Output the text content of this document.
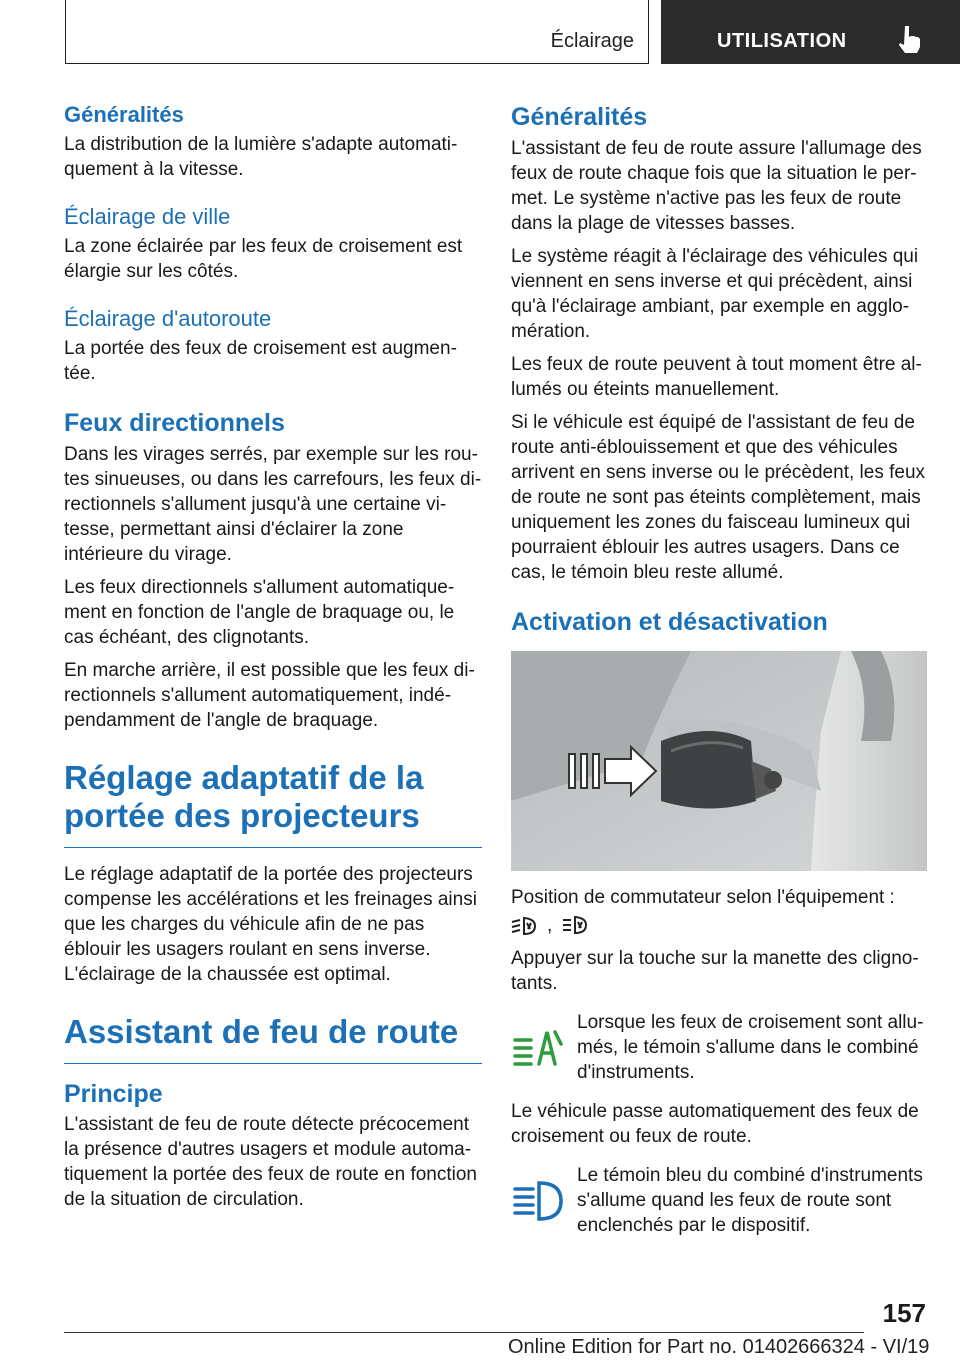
Éclairage	UTILISATION
Généralités

La distribution de la lumière s'adapte automatiquement à la vitesse.

Éclairage de ville

La zone éclairée par les feux de croisement est élargie sur les côtés.

Éclairage d'autoroute

La portée des feux de croisement est augmentée.

Feux directionnels

Dans les virages serrés, par exemple sur les routes sinueuses, ou dans les carrefours, les feux directionnels s'allument jusqu'à une certaine vitesse, permettant ainsi d'éclairer la zone intérieure du virage.

Les feux directionnels s'allument automatiquement en fonction de l'angle de braquage ou, le cas échéant, des clignotants.

En marche arrière, il est possible que les feux directionnels s'allument automatiquement, indépendamment de l'angle de braquage.

Réglage adaptatif de la portée des projecteurs

Le réglage adaptatif de la portée des projecteurs compense les accélérations et les freinages ainsi que les charges du véhicule afin de ne pas éblouir les usagers roulant en sens inverse. L'éclairage de la chaussée est optimal.

Assistant de feu de route
Principe

L'assistant de feu de route détecte précocement la présence d'autres usagers et module automatiquement la portée des feux de route en fonction de la situation de circulation.

Généralités

L'assistant de feu de route assure l'allumage des feux de route chaque fois que la situation le permet. Le système n'active pas les feux de route dans la plage de vitesses basses.

Le système réagit à l'éclairage des véhicules qui viennent en sens inverse et qui précèdent, ainsi qu'à l'éclairage ambiant, par exemple en agglomération.

Les feux de route peuvent à tout moment être allumés ou éteints manuellement.

Si le véhicule est équipé de l'assistant de feu de route anti-éblouissement et que des véhicules arrivent en sens inverse ou le précèdent, les feux de route ne sont pas éteints complètement, mais uniquement les zones du faisceau lumineux qui pourraient éblouir les autres usagers. Dans ce cas, le témoin bleu reste allumé.

Activation et désactivation

Position de commutateur selon l'équipement :

,

Appuyer sur la touche sur la manette des clignotants.

Lorsque les feux de croisement sont allumés, le témoin s'allume dans le combiné d'instruments.

Le véhicule passe automatiquement des feux de croisement ou feux de route.

Le témoin bleu du combiné d'instruments s'allume quand les feux de route sont enclenchés par le dispositif.
157
Online Edition for Part no. 01402666324 - VI/19
